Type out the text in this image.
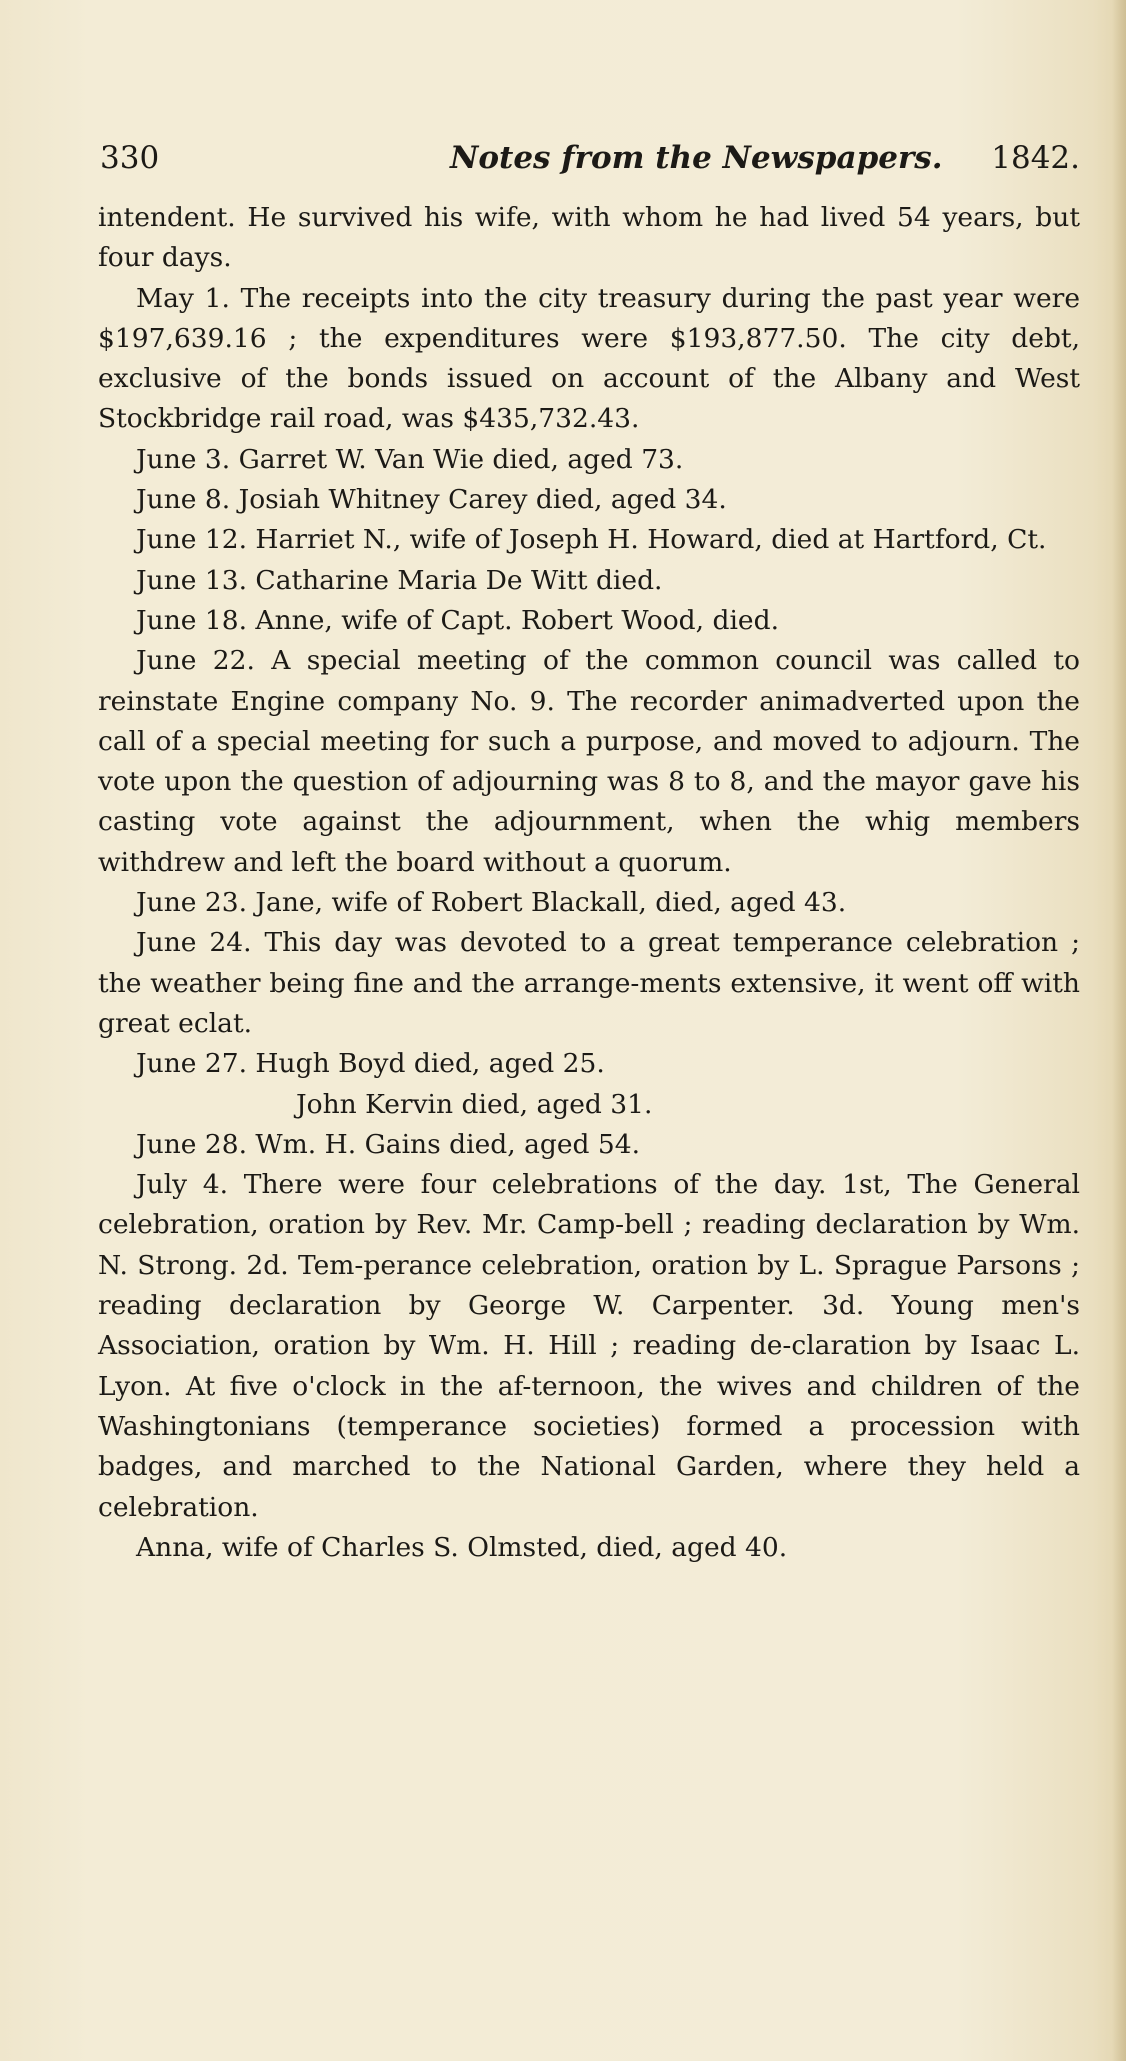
330	Notes from the Newspapers. 1842.

intendent. He survived his wife, with whom he had lived 54 years, but four days.

May 1. The receipts into the city treasury during the past year were $197,639.16 ; the expenditures were $193,877.50. The city debt, exclusive of the bonds issued on account of the Albany and West Stockbridge rail road, was $435,732.43.

June 3. Garret W. Van Wie died, aged 73.

June 8. Josiah Whitney Carey died, aged 34.

June 12. Harriet N., wife of Joseph H. Howard, died at Hartford, Ct.

June 13. Catharine Maria De Witt died.

June 18. Anne, wife of Capt. Robert Wood, died.

June 22. A special meeting of the common council was called to reinstate Engine company No. 9. The recorder animadverted upon the call of a special meeting for such a purpose, and moved to adjourn. The vote upon the question of adjourning was 8 to 8, and the mayor gave his casting vote against the adjournment, when the whig members withdrew and left the board without a quorum.

June 23. Jane, wife of Robert Blackall, died, aged 43.

June 24. This day was devoted to a great temperance celebration ; the weather being fine and the arrange-ments extensive, it went off with great eclat.

June 27. Hugh Boyd died, aged 25.

John Kervin died, aged 31.

June 28. Wm. H. Gains died, aged 54.

July 4. There were four celebrations of the day. 1st, The General celebration, oration by Rev. Mr. Camp-bell ; reading declaration by Wm. N. Strong. 2d. Tem-perance celebration, oration by L. Sprague Parsons ; reading declaration by George W. Carpenter. 3d. Young men's Association, oration by Wm. H. Hill ; reading de-claration by Isaac L. Lyon. At five o'clock in the af-ternoon, the wives and children of the Washingtonians (temperance societies) formed a procession with badges, and marched to the National Garden, where they held a celebration.

Anna, wife of Charles S. Olmsted, died, aged 40.
